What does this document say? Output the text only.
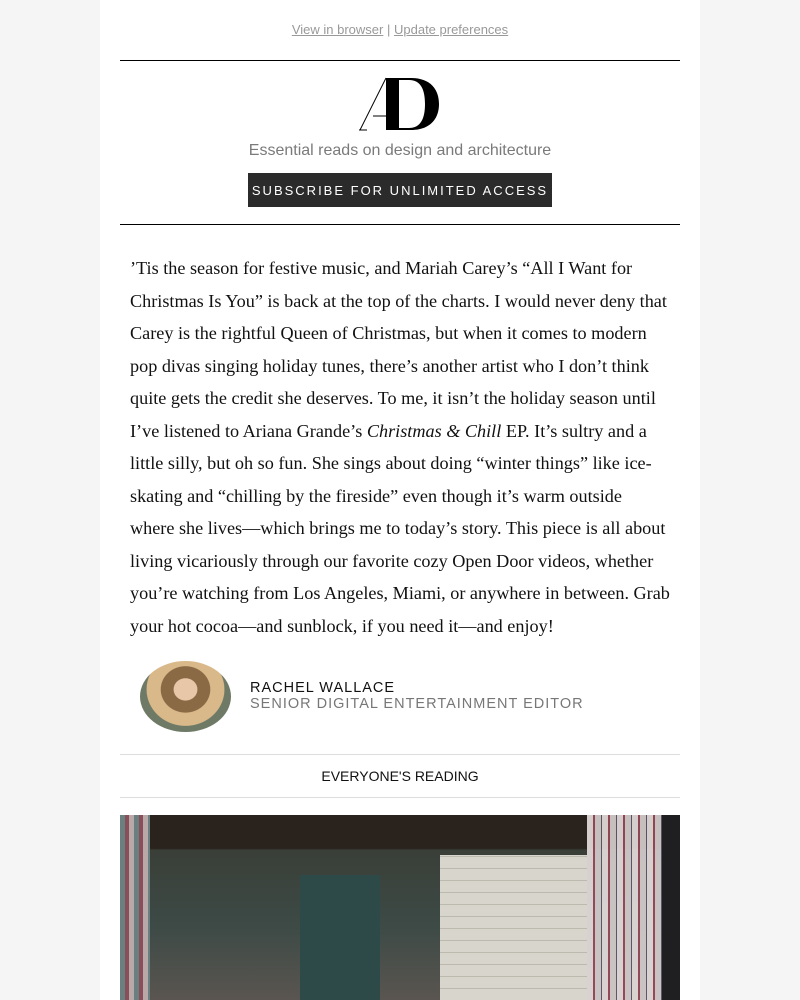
View in browser | Update preferences
Essential reads on design and architecture
SUBSCRIBE FOR UNLIMITED ACCESS

’Tis the season for festive music, and Mariah Carey’s “All I Want for Christmas Is You” is back at the top of the charts. I would never deny that Carey is the rightful Queen of Christmas, but when it comes to modern pop divas singing holiday tunes, there’s another artist who I don’t think quite gets the credit she deserves. To me, it isn’t the holiday season until I’ve listened to Ariana Grande’s Christmas & Chill EP. It’s sultry and a little silly, but oh so fun. She sings about doing “winter things” like ice-skating and “chilling by the fireside” even though it’s warm outside where she lives—which brings me to today’s story. This piece is all about living vicariously through our favorite cozy Open Door videos, whether you’re watching from Los Angeles, Miami, or anywhere in between. Grab your hot cocoa—and sunblock, if you need it—and enjoy!

RACHEL WALLACE
SENIOR DIGITAL ENTERTAINMENT EDITOR
EVERYONE'S READING
